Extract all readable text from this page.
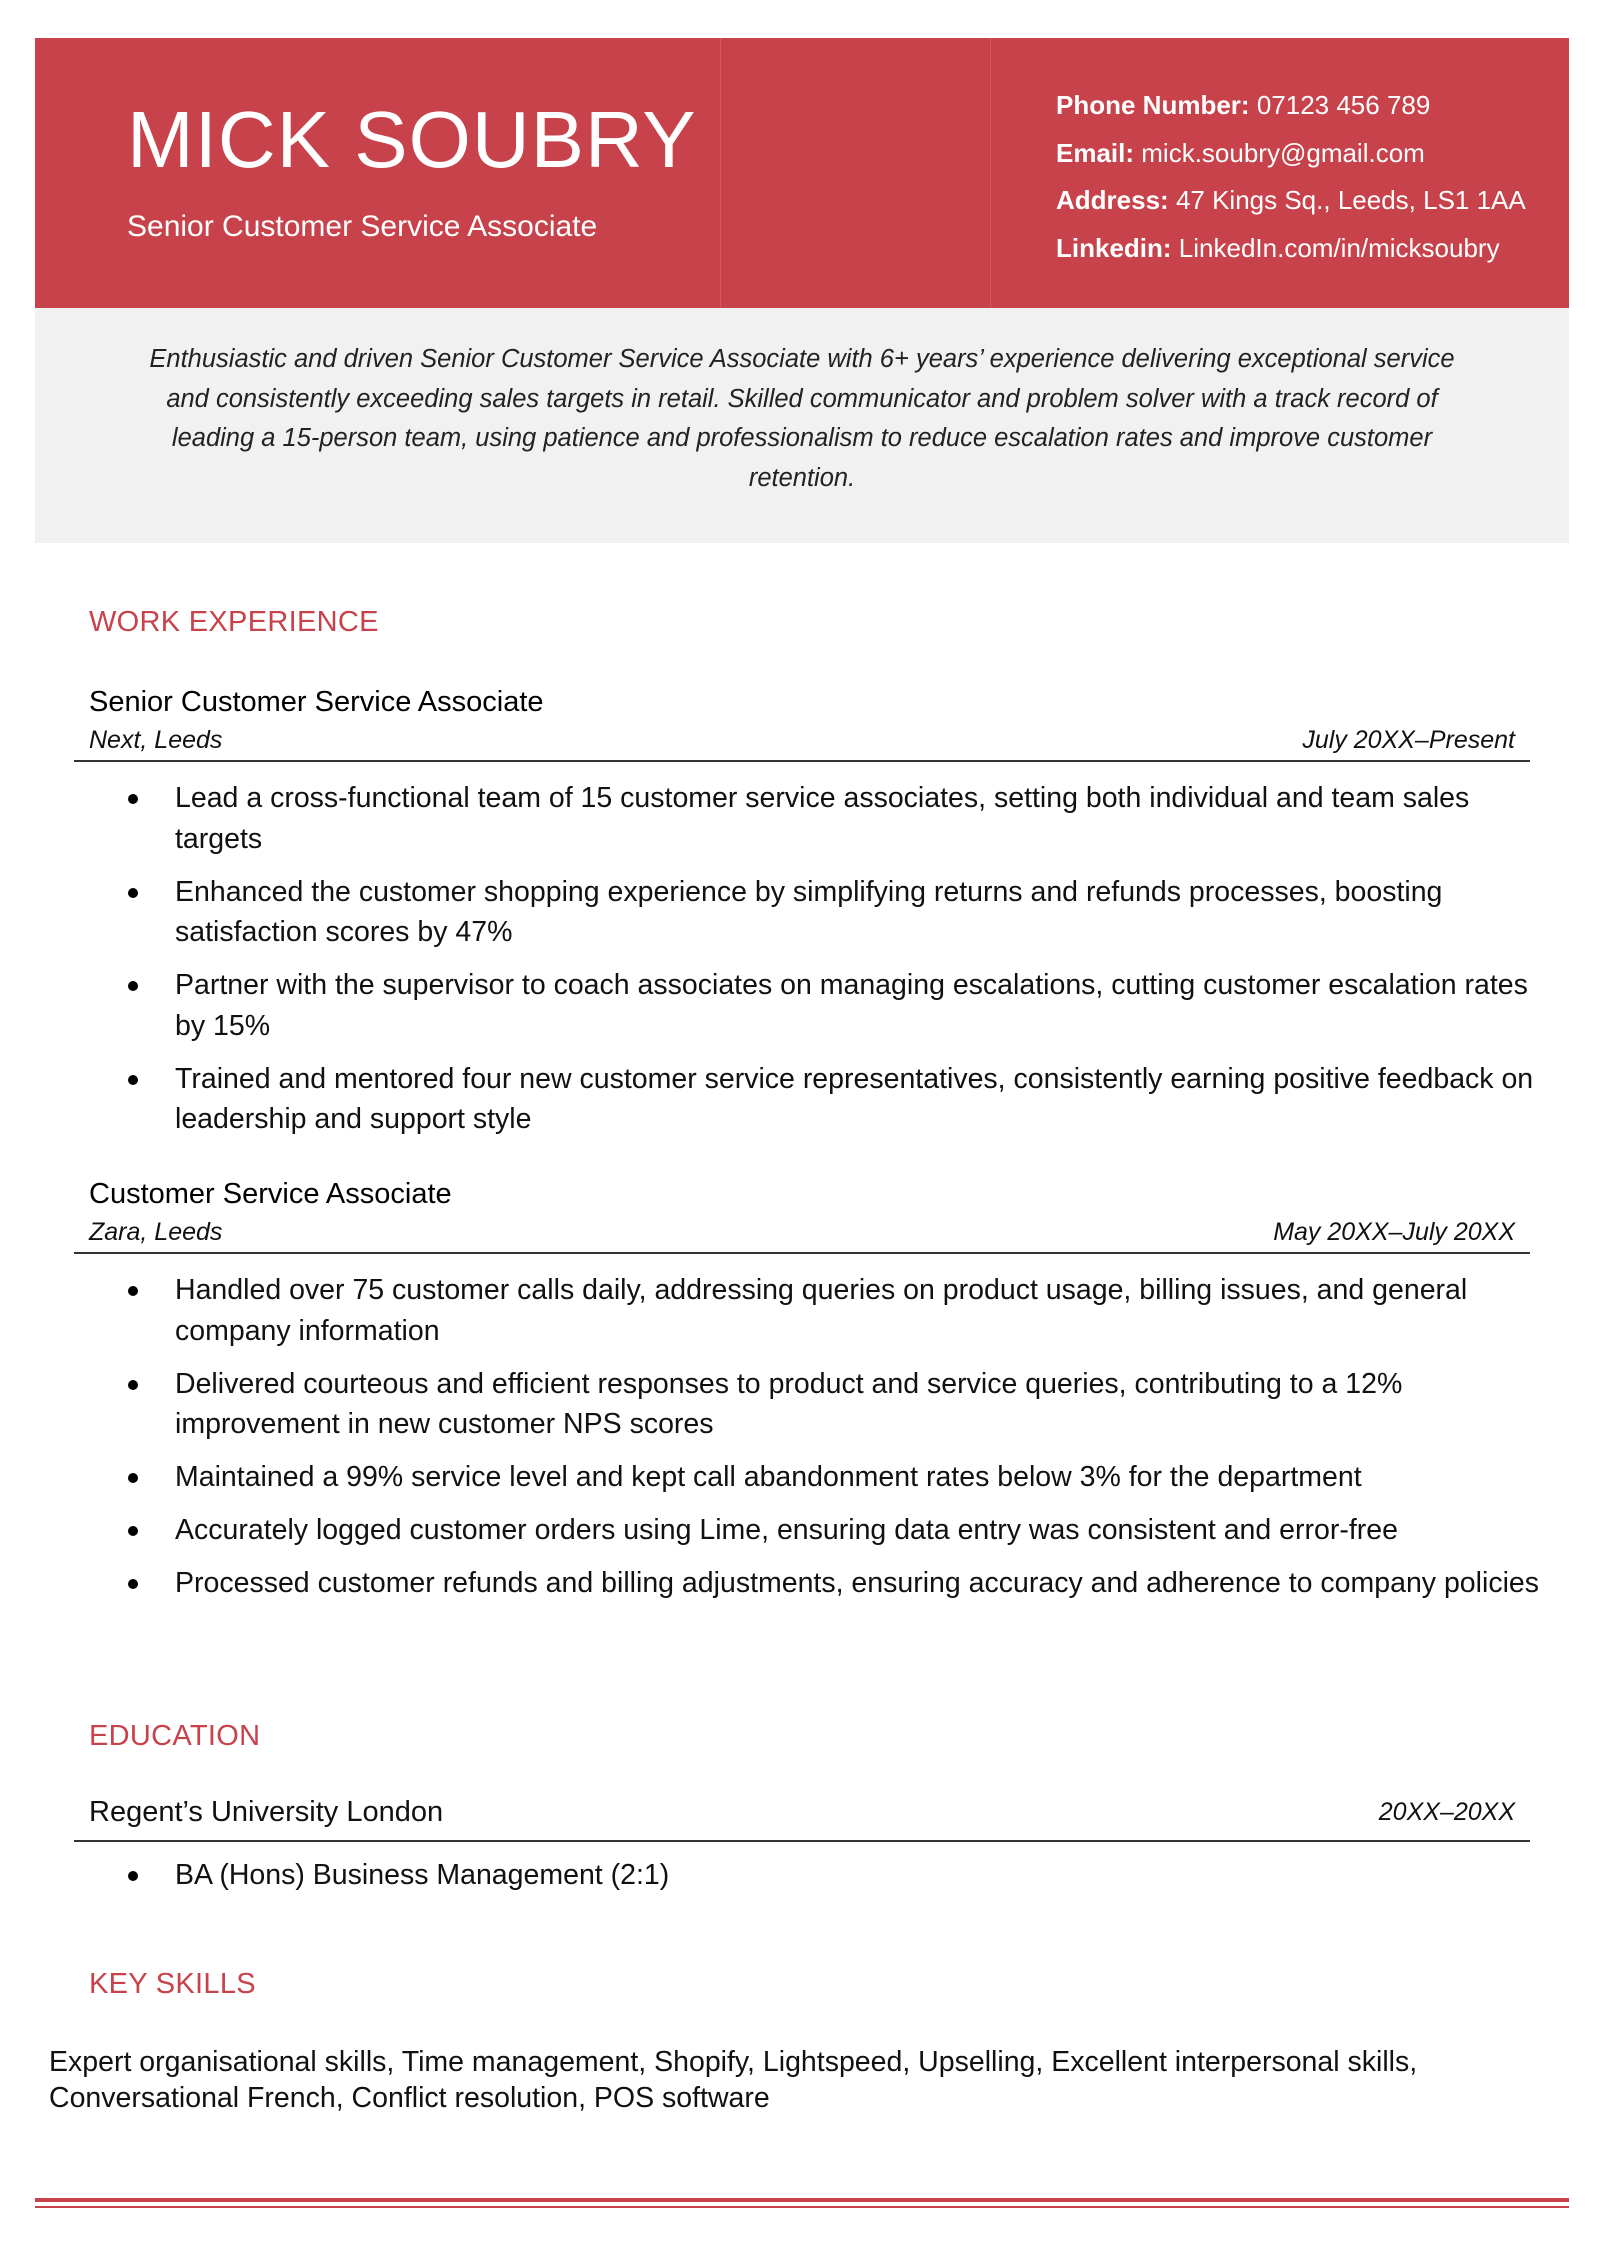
MICK SOUBRY
Senior Customer Service Associate
Phone Number: 07123 456 789
Email: mick.soubry@gmail.com
Address: 47 Kings Sq., Leeds, LS1 1AA
Linkedin: LinkedIn.com/in/micksoubry
Enthusiastic and driven Senior Customer Service Associate with 6+ years’ experience delivering exceptional service and consistently exceeding sales targets in retail. Skilled communicator and problem solver with a track record of leading a 15-person team, using patience and professionalism to reduce escalation rates and improve customer retention.
WORK EXPERIENCE
Senior Customer Service Associate
Next, Leeds	July 20XX–Present
Lead a cross-functional team of 15 customer service associates, setting both individual and team sales targets
Enhanced the customer shopping experience by simplifying returns and refunds processes, boosting satisfaction scores by 47%
Partner with the supervisor to coach associates on managing escalations, cutting customer escalation rates by 15%
Trained and mentored four new customer service representatives, consistently earning positive feedback on leadership and support style
Customer Service Associate
Zara, Leeds	May 20XX–July 20XX
Handled over 75 customer calls daily, addressing queries on product usage, billing issues, and general company information
Delivered courteous and efficient responses to product and service queries, contributing to a 12% improvement in new customer NPS scores
Maintained a 99% service level and kept call abandonment rates below 3% for the department
Accurately logged customer orders using Lime, ensuring data entry was consistent and error-free
Processed customer refunds and billing adjustments, ensuring accuracy and adherence to company policies
EDUCATION
Regent’s University London	20XX–20XX
BA (Hons) Business Management (2:1)
KEY SKILLS
Expert organisational skills, Time management, Shopify, Lightspeed, Upselling, Excellent interpersonal skills, Conversational French, Conflict resolution, POS software
